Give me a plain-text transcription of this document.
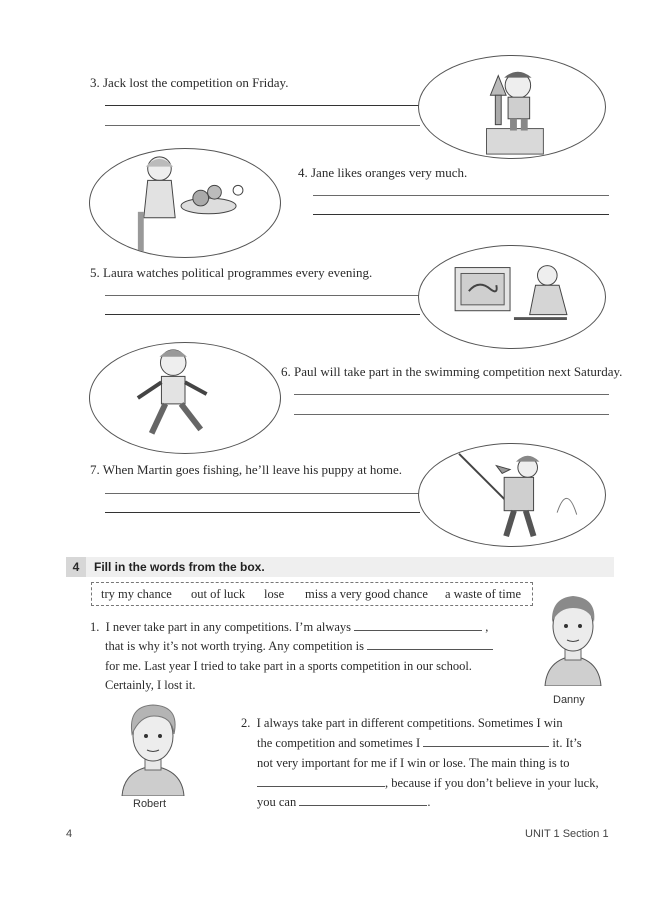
3. Jack lost the competition on Friday.
4. Jane likes oranges very much.
5. Laura watches political programmes every evening.
6. Paul will take part in the swimming competition next Saturday.
7. When Martin goes fishing, he’ll leave his puppy at home.
4	Fill in the words from the box.
try my chance out of luck lose miss a very good chance a waste of time
1. I never take part in any competitions. I’m always	,
that is why it’s not worth trying. Any competition is
for me. Last year I tried to take part in a sports competition in our school.
Certainly, I lost it.
Danny
Robert
2. I always take part in different competitions. Sometimes I win
the competition and sometimes I	it. It’s
not very important for me if I win or lose. The main thing is to
, because if you don’t believe in your luck,
you can	.
4	UNIT 1 Section 1
